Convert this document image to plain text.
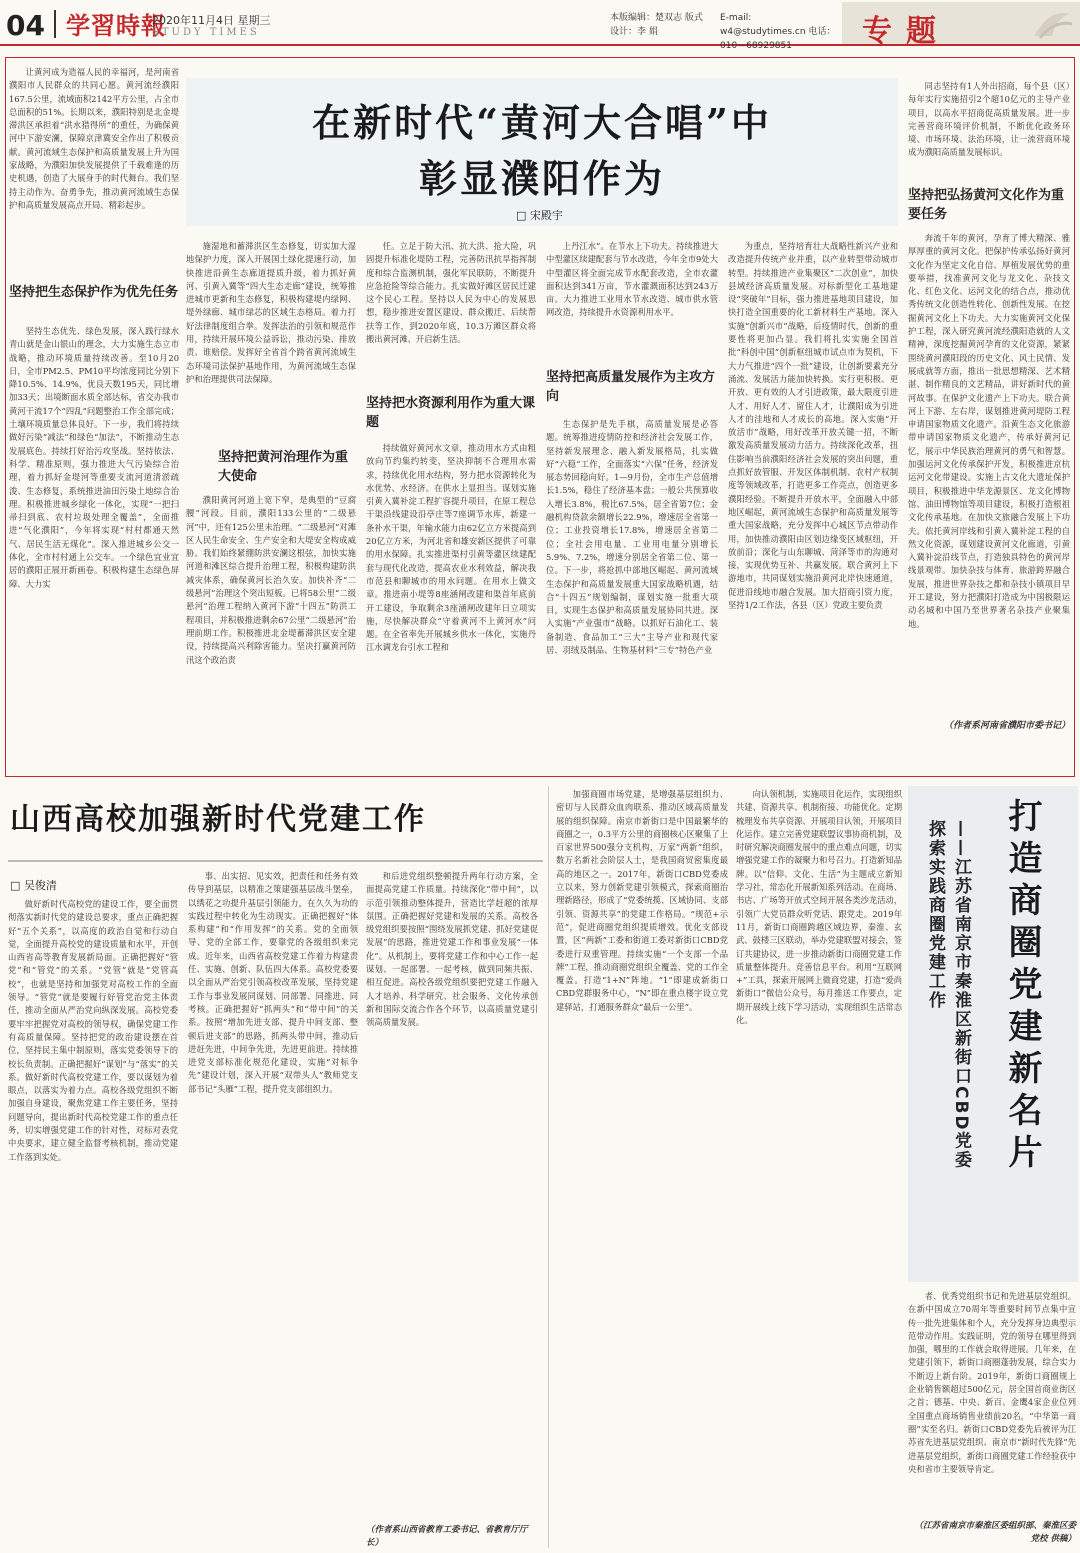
04 学習時報
2020年11月4日 星期三
STUDY TIMES
本版编辑：楚双志 版式设计：李 娟
E-mail: w4@studytimes.cn 电话：010—68929851	专题
在新时代“黄河大合唱”中
彰显濮阳作为
□ 宋殿宇
让黄河成为造福人民的幸福河，是河南省濮阳市人民群众的共同心愿。黄河流经濮阳167.5公里，流域面积2142平方公里，占全市总面积的51%。长期以来，濮阳特别是北金堤滞洪区承担着“洪水猎得所”的重任，为确保黄河中下游安澜，保障京津冀安全作出了积极贡献。黄河流域生态保护和高质量发展上升为国家战略，为濮阳加快发展提供了千载难逢的历史机遇，创造了大展身手的时代舞台。我们坚持主动作为、奋勇争先，推动黄河流域生态保护和高质量发展高点开局、精彩起步。
坚持把生态保护作为优先任务
坚持生态优先、绿色发展，深入践行绿水青山就是金山银山的理念，大力实施生态立市战略，推动环境质量持续改善。至10月20日，全市PM2.5、PM10平均浓度同比分别下降10.5%、14.9%，优良天数195天，同比增加33天；出境断面水质全部达标，省交办我市黄河干流17个“四乱”问题整治工作全部完成；土壤环境质量总体良好。下一步，我们将持续做好污染“减法”和绿色“加法”，不断推动生态发展底色。持续打好治污攻坚战。坚持依法、科学、精准原则，强力推进大气污染综合治理，着力抓好金堤河等重要支流河道清淤疏浚、生态修复，系统推进油田污染土地综合治理。积极推进城乡绿化一体化，实现“一把扫帚扫到底、农村垃圾处理全覆盖”，全面推进“气化濮阳”，今年将实现“村村都通天然气、居民生活无煤化”。深入推进城乡公交一体化，全市村村通上公交车。一个绿色宜业宜居的濮阳正展开新画卷。积极构建生态绿色屏障、大力实
施湿地和蓄滞洪区生态修复，切实加大湿地保护力度，深入开展国土绿化提速行动，加快推进沿黄生态廊道提质升级，着力抓好黄河、引黄入冀等“四大生态走廊”建设，统筹推进城市更新和生态修复，积极构建堤内绿网、堤外绿廊、城市绿芯的区域生态格局。着力打好法律制度组合拳。发挥法治的引领和规范作用，持续开展环境公益诉讼，推动污染、排放责、谁赔偿。发挥好全省首个跨省黄河流域生态环境司法保护基地作用，为黄河流域生态保护和治理提供司法保障。
坚持把黄河治理作为重大使命
濮阳黄河河道上宽下窄，是典型的“豆腐腰”河段。目前，濮阳133公里的“二级悬河”中，还有125公里未治理。“二级悬河”对滩区人民生命安全、生产安全和大堤安全构成威胁。我们始终紧绷防洪安澜这根弦，加快实施河道和滩区综合提升治理工程，积极构建防洪减灾体系，确保黄河长治久安。加快补齐“二级悬河”治理这个突出短板。已将58公里“二级悬河”治理工程纳入黄河下游“十四五”防洪工程项目，并积极推进剩余67公里“二级悬河”治理前期工作。积极推进北金堤蓄滞洪区安全建设，持续提高兴利除害能力。坚决打赢黄河防汛这个政治责
任。立足于防大汛、抗大洪、抢大险，巩固提升标准化堤防工程，完善防汛抗旱指挥制度和综合监测机制，强化军民联防，不断提升应急抢险等综合能力。扎实做好滩区居民迁建这个民心工程。坚持以人民为中心的发展思想，稳步推进安置区建设、群众搬迁、后续帮扶等工作，到2020年底，10.3万滩区群众将搬出黄河滩、开启新生活。
坚持把水资源利用作为重大课题
持续做好黄河水文章，推动用水方式由粗放向节约集约转变，坚决抑制不合理用水需求，持续优化用水结构，努力把水资源转化为水优势、水经济。在供水上显担当。谋划实施引黄入冀补淀工程扩容提升项目，在原工程总干渠沿线建设沿亭庄等7座调节水库，新建一条补水干渠，年输水能力由62亿立方米提高到20亿立方米，为河北省和雄安新区提供了可靠的用水保障。扎实推进渠村引黄等灌区续建配套与现代化改造，提高农业水利效益，解决我市范县和聊城市的用水问题。在用水上做文章。推进南小堤等8座涵闸改建和渠首年底前开工建设，争取剩余3座涵闸改建年日立项实施，尽快解决群众“守着黄河不上黄河水”问题。在全省率先开展城乡供水一体化，实施丹江水调龙台引水工程和
上丹江水”。在节水上下功夫。持续推进大中型灌区续建配套与节水改造，今年全市9处大中型灌区将全面完成节水配套改造，全市农灌面积达到341万亩，节水灌溉面积达到243万亩。大力推进工业用水节水改造、城市供水管网改造，持续提升水资源利用水平。
坚持把高质量发展作为主攻方向
生态保护是先手棋，高质量发展是必答题。统筹推进疫情防控和经济社会发展工作，坚持新发展理念、融入新发展格局，扎实做好“六稳”工作，全面落实“六保”任务，经济发展态势回稳向好。1—9月份，全市生产总值增长1.5%，稳住了经济基本盘；一般公共预算收入增长3.8%，税比67.5%，居全省第7位；金融机构贷款余额增长22.9%，增速居全省第一位；工业投资增长17.8%，增速居全省第二位；全社会用电量、工业用电量分别增长5.9%、7.2%，增速分别居全省第二位、第一位。下一步，将抢抓中部地区崛起、黄河流域生态保护和高质量发展重大国家战略机遇，结合“十四五”规划编制，谋划实施一批重大项目，实现生态保护和高质量发展协同共进。深入实施“产业强市”战略。以抓好石油化工、装备制造、食品加工“三大”主导产业和现代家居、羽绒及制品、生物基材料“三专”特色产业
为重点，坚持培育壮大战略性新兴产业和改造提升传统产业并重，以产业转型带动城市转型。持续推进产业集聚区“二次创业”，加快县域经济高质量发展。对标新型化工基地建设“突破年”目标，强力推进基地项目建设，加快打造全国重要的化工新材料生产基地。深入实施“创新兴市”战略，后疫情时代，创新的重要性将更加凸显。我们将扎实实施全国首批“科创中国”创新枢纽城市试点市为契机，下大力气推进“四个一批”建设，让创新要素充分涌流、发展活力能加快转换。实行更积极、更开放、更有效的人才引进政策，最大限度引进人才、用好人才、留住人才，让濮阳成为引进人才的洼地和人才成长的高地。深入实施“开放活市”战略，用好改革开放关键一招，不断激发高质量发展动力活力。持续深化改革，扭住影响当前濮阳经济社会发展的突出问题，重点抓好放管服、开发区体制机制、农村产权制度等领域改革，打造更多工作亮点，创造更多濮阳经验。不断提升开放水平，全面融入中部地区崛起，黄河流域生态保护和高质量发展等重大国家战略，充分发挥中心城区节点带动作用，加快推动濮阳由区划边缘变区域枢纽，开放前沿；深化与山东聊城、菏泽等市的沟通对接，实现优势互补、共赢发展。联合黄河上下游地市，共同谋划实施沿黄河北岸快速通道，促进沿线地市融合发展。加大招商引资力度，坚持1/2工作法，各县（区）党政主要负责
同志坚持有1人外出招商，每个县（区）每年实行实施招引2个超10亿元的主导产业项目，以高水平招商促高质量发展。进一步完善营商环境评价机制，不断优化政务环境、市场环境、法治环境，让一流营商环境成为濮阳高质量发展标识。
坚持把弘扬黄河文化作为重要任务
奔流千年的黄河，孕育了博大精深、雅厚厚重的黄河文化。把保护传承弘扬好黄河文化作为坚定文化自信、厚植发展优势的重要举措，找准黄河文化与龙文化、杂技文化、红色文化、运河文化的结合点，推动优秀传统文化创造性转化、创新性发展。在挖掘黄河文化上下功夫。大力实施黄河文化保护工程，深入研究黄河流经濮阳造就的人文精神，深度挖掘黄河孕育的文化资源，紧紧围绕黄河濮阳段的历史文化、风土民情、发展成就等方面，推出一批思想精深、艺术精湛、制作精良的文艺精品，讲好新时代的黄河故事。在保护文化遗产上下功夫。联合黄河上下游、左右岸，谋划推进黄河堤防工程申请国家物质文化遗产。沿黄生态文化旅游带申请国家物质文化遗产，传承好黄河记忆，展示中华民族治理黄河的勇气和智慧。加强运河文化传承保护开发，积极推进京杭运河文化带建设。实施上古文化大遗址保护项目，积极推进中华龙源景区、龙文化博物馆、油田博物馆等项目建设，积极打造根祖文化传承基地。在加快文旅融合发展上下功夫。依托黄河岸线和引黄入冀补淀工程的自然文化资源，谋划建设黄河文化廊道，引黄入冀补淀沿线节点，打造独具特色的黄河岸线景观带。加快杂技与体育、旅游跨界融合发展，推进世界杂技之都和杂技小镇项目早开工建设，努力把濮阳打造成为中国极限运动名城和中国乃至世界著名杂技产业聚集地。
（作者系河南省濮阳市委书记）
山西高校加强新时代党建工作
□ 吴俊清
做好新时代高校党的建设工作，要全面贯彻落实新时代党的建设总要求，重点正确把握好“五个关系”，以高度的政治自觉和行动自觉，全面提升高校党的建设质量和水平，开创山西省高等教育发展新局面。正确把握好“管党”和“管党”的关系。“党管”就是“党管高校”，也就是坚持和加强党对高校工作的全面领导。“管党”就是要履行好管党治党主体责任，推动全面从严治党向纵深发展。高校党委要牢牢把握党对高校的领导权，确保党建工作有高质量保障。坚持把党的政治建设摆在首位，坚持民主集中制原则，落实党委领导下的校长负责制。正确把握好“谋划”与“落实”的关系。做好新时代高校党建工作，要以谋划为着眼点，以落实为着力点。高校各级党组织不断加强自身建设，聚焦党建工作主要任务，坚持问题导向，提出新时代高校党建工作的重点任务，切实增强党建工作的针对性，对标对表党中央要求，建立健全监督考核机制，推动党建工作落到实处。
事、出实招、见实效，把责任和任务有效传导到基层，以精准之策建强基层战斗堡垒，以绣花之功提升基层引领能力，在久久为功的实践过程中转化为生动现实。正确把握好“体系构建”和“作用发挥”的关系。党的全面领导、党的全部工作，要靠党的各级组织来完成。近年来，山西省高校党建工作着力构建责任、实施、创新、队伍四大体系。高校党委要以全面从严治党引领高校改革发展，坚持党建工作与事业发展同谋划、同部署、同推进、同考核。正确把握好“抓两头”和“带中间”的关系。按照“增加先进支部、提升中间支部、整顿后进支部”的思路，抓两头带中间，推动后进赶先进，中间争先进，先进更前进。持续推进党支部标准化规范化建设，实施“对标争先”建设计划，深入开展“双带头人”教师党支部书记“头雁”工程，提升党支部组织力。
和后进党组织整顿提升两年行动方案，全面提高党建工作质量。持续深化“带中间”，以示范引领推动整体提升，营造比学赶超的浓厚氛围。正确把握好党建和发展的关系。高校各级党组织要按照“围绕发展抓党建、抓好党建促发展”的思路，推进党建工作和事业发展“一体化”。从机制上，要将党建工作和中心工作一起谋划、一起部署、一起考核，做到同频共振、相互促进。高校各级党组织要把党建工作融入人才培养、科学研究、社会服务、文化传承创新和国际交流合作各个环节，以高质量党建引领高质量发展。
（作者系山西省教育工委书记、省教育厅厅长）
加强商圈市场党建，是增强基层组织力、密切与人民群众血肉联系、推动区域高质量发展的组织保障。南京市新街口是中国最繁华的商圈之一，0.3平方公里的商圈核心区聚集了上百家世界500强分支机构，万家“两新”组织，数万名新社会阶层人士，是我国商贸密集度最高的地区之一。2017年，新街口CBD党委成立以来，努力创新党建引领模式，探索商圈治理新路径，形成了“党委统揽、区域协同、支部引领、资源共享”的党建工作格局。“规范+示范”，促进商圈党组织提质增效。优化支部设置，区“两新”工委和街道工委对新街口CBD党委进行双重管理。持续实施“一个支部一个品牌”工程，推动商圈党组织全覆盖、党的工作全覆盖。打造“1+N”阵地。“1”即建成新街口CBD党群服务中心，“N”即在重点楼宇设立党建驿站，打通服务群众“最后一公里”。
向认领机制，实施项目化运作，实现组织共建、资源共享、机制衔接、功能优化。定期梳理发布共享资源、开展项目认领，开展项目化运作。建立完善党建联盟议事协商机制，及时研究解决商圈发展中的重点难点问题，切实增强党建工作的凝聚力和号召力。打造新知品牌。以“信仰、文化、生活”为主题成立新知学习社，常态化开展新知系列活动。在商场、书店、广场等开放式空间开展各类沙龙活动，引领广大党员群众听党话、跟党走。2019年11月，新街口商圈跨越区域边界，秦淮、玄武、鼓楼三区联动，举办党建联盟对接会，签订共建协议，进一步推动新街口商圈党建工作质量整体提升。竞善信息平台。利用“互联网+”工具，探索开展网上微商党建，打造“爱尚新街口”微信公众号，每月推送工作要点，定期开展线上线下学习活动，实现组织生活常态化。	打造商圈党建新名片
——江苏省南京市秦淮区新街口CBD党委
探索实践商圈党建工作
者、优秀党组织书记和先进基层党组织。在新中国成立70周年等重要时间节点集中宣传一批先进集体和个人，充分发挥身边典型示范带动作用。实践证明，党的领导在哪里得到加强，哪里的工作就会取得进展。几年来，在党建引领下，新街口商圈蓬勃发展，综合实力不断迈上新台阶。2019年，新街口商圈规上企业销售额超过500亿元，居全国首商业街区之首；德基、中央、新百、金鹰4家企业位列全国重点商场销售业绩前20名，“中华第一商圈”实至名归。新街口CBD党委先后被评为江苏省先进基层党组织、南京市“新时代先锋”先进基层党组织，新街口商圈党建工作经验获中央和省市主要领导肯定。
（江苏省南京市秦淮区委组织部、秦淮区委党校 供稿）
